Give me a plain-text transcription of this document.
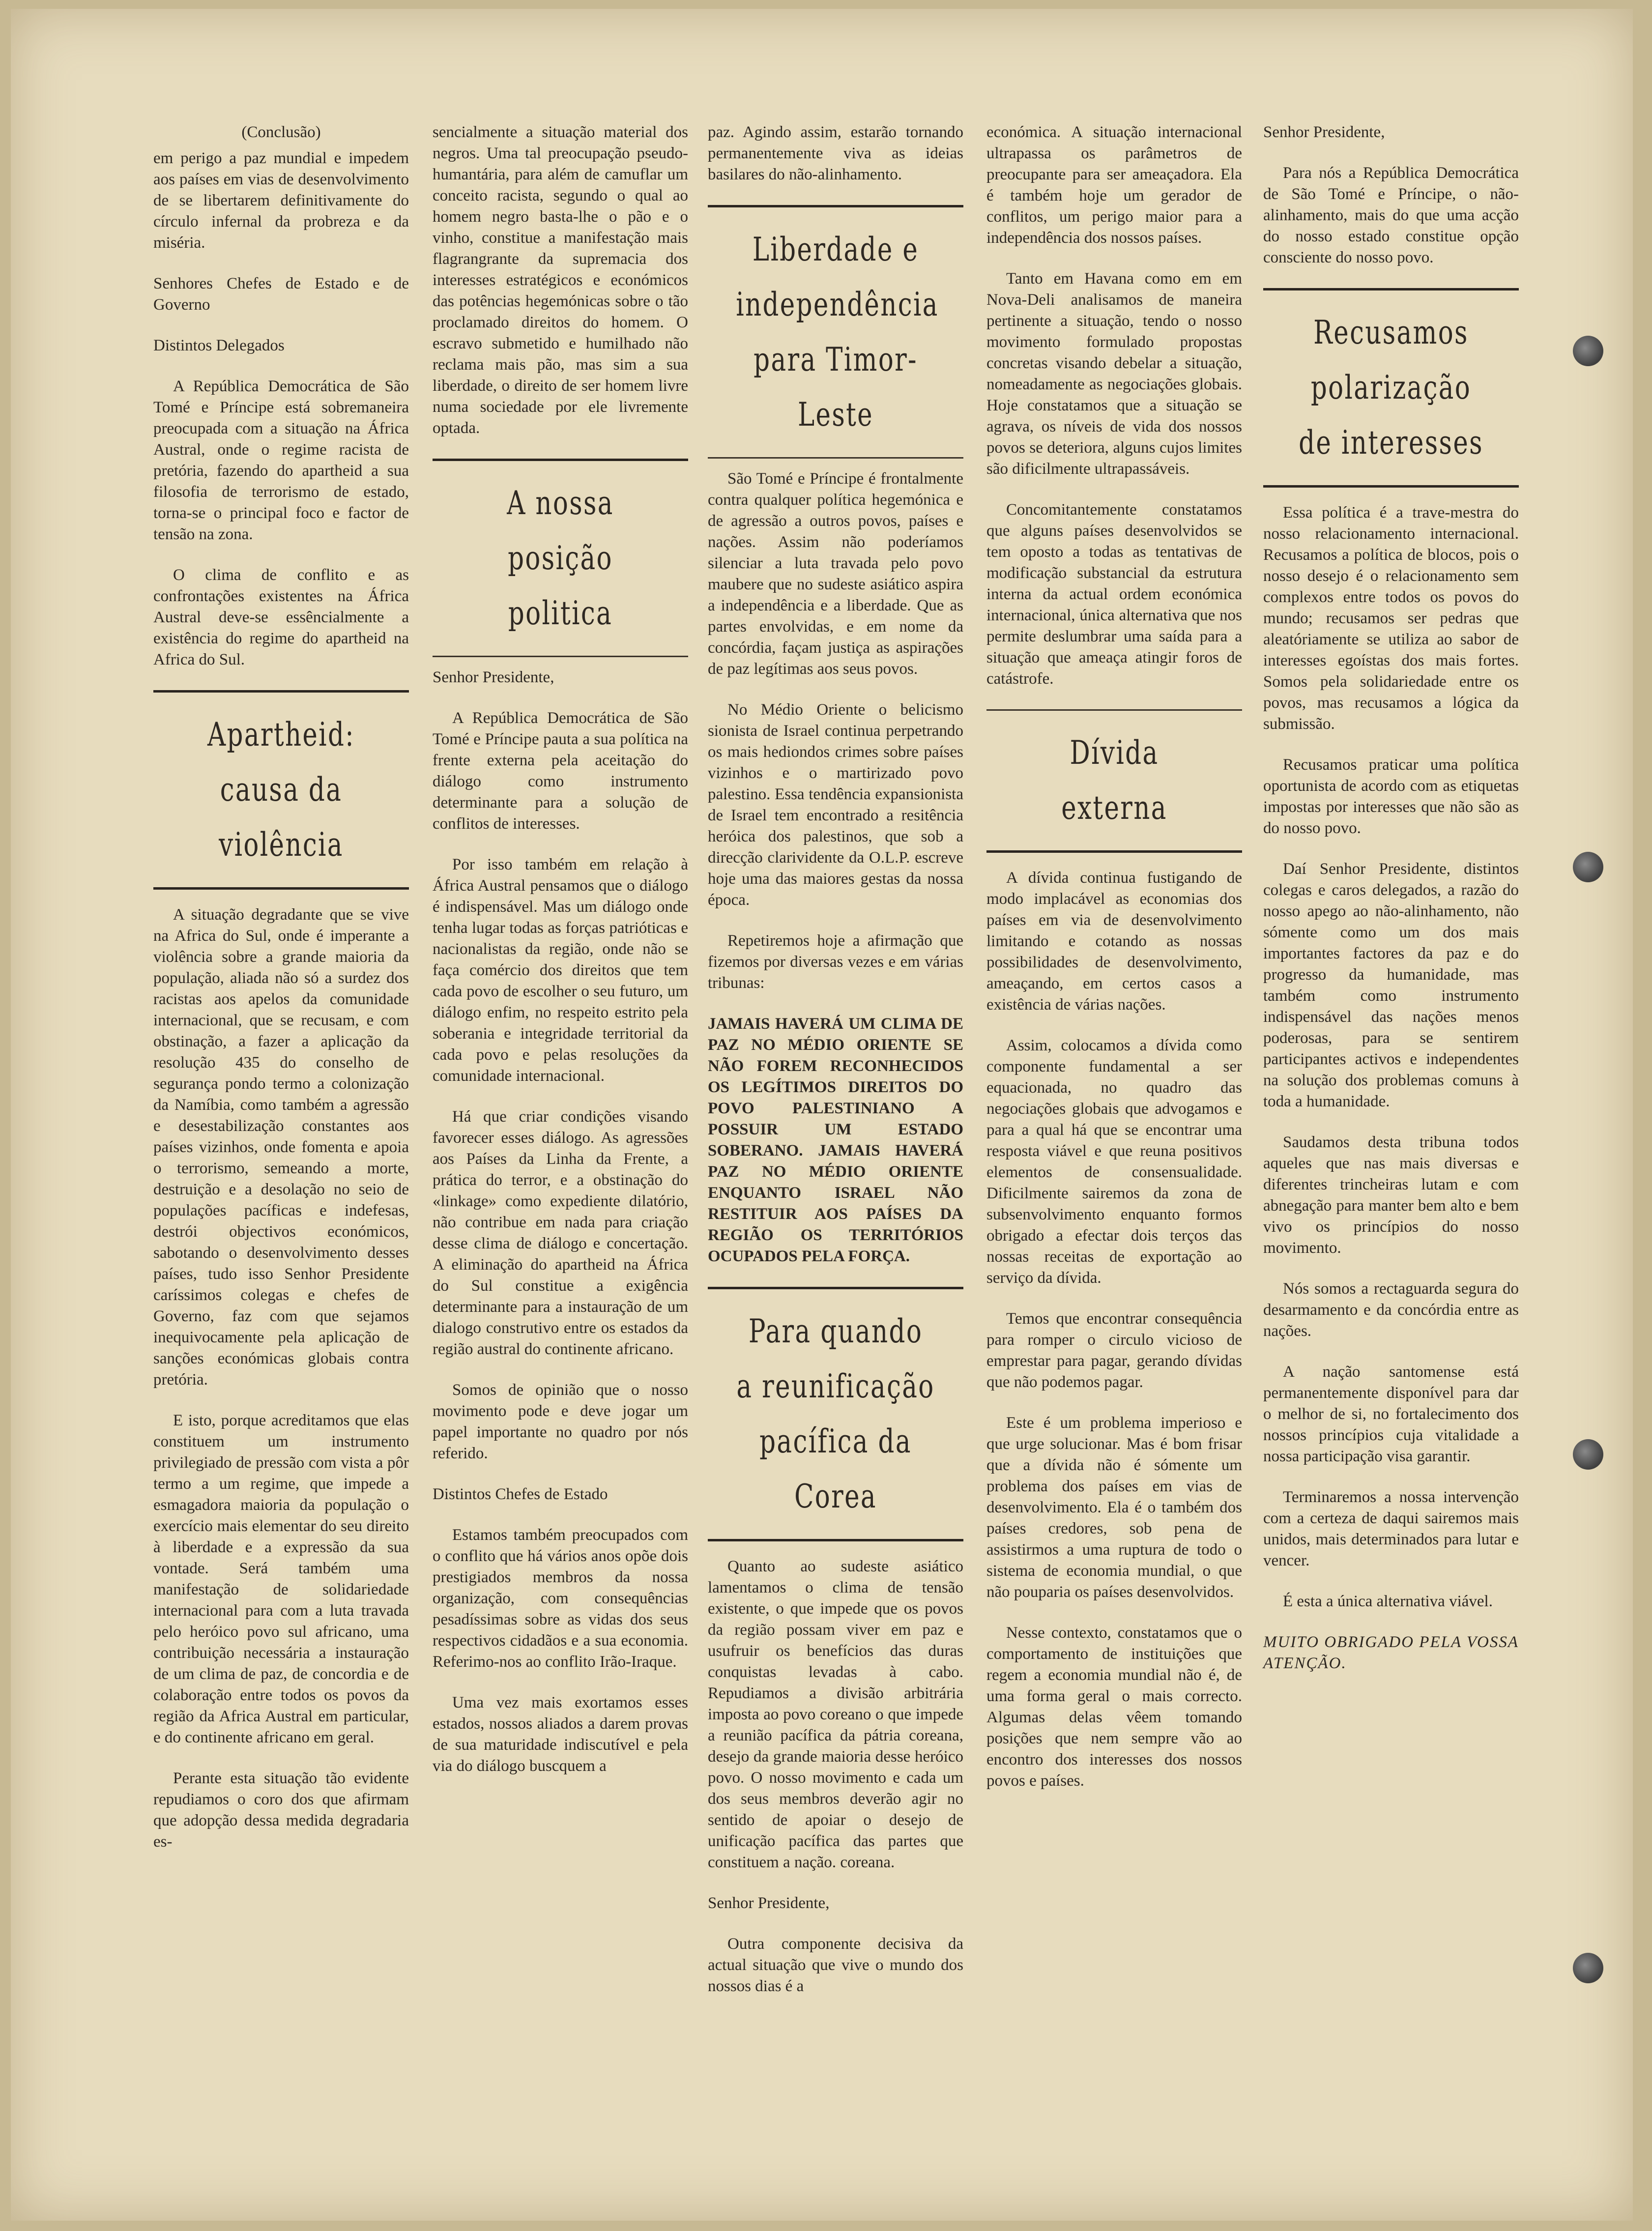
(Conclusão)

em perigo a paz mundial e impedem aos países em vias de desenvolvimento de se libertarem definitivamente do círculo infernal da probreza e da miséria.

Senhores Chefes de Estado e de Governo

Distintos Delegados

A República Democrática de São Tomé e Príncipe está sobremaneira preocupada com a situação na África Austral, onde o regime racista de pretória, fazendo do apartheid a sua filosofia de terrorismo de estado, torna-se o principal foco e factor de tensão na zona.

O clima de conflito e as confrontações existentes na África Austral deve-se essêncialmente a existência do regime do apartheid na Africa do Sul.

Apartheid: causa da violência

A situação degradante que se vive na Africa do Sul, onde é imperante a violência sobre a grande maioria da população, aliada não só a surdez dos racistas aos apelos da comunidade internacional, que se recusam, e com obstinação, a fazer a aplicação da resolução 435 do conselho de segurança pondo termo a colonização da Namíbia, como também a agressão e desestabilização constantes aos países vizinhos, onde fomenta e apoia o terrorismo, semeando a morte, destruição e a desolação no seio de populações pacíficas e indefesas, destrói objectivos económicos, sabotando o desenvolvimento desses países, tudo isso Senhor Presidente caríssimos colegas e chefes de Governo, faz com que sejamos inequivocamente pela aplicação de sanções económicas globais contra pretória.

E isto, porque acreditamos que elas constituem um instrumento privilegiado de pressão com vista a pôr termo a um regime, que impede a esmagadora maioria da população o exercício mais elementar do seu direito à liberdade e a expressão da sua vontade. Será também uma manifestação de solidariedade internacional para com a luta travada pelo heróico povo sul africano, uma contribuição necessária a instauração de um clima de paz, de concordia e de colaboração entre todos os povos da região da Africa Austral em particular, e do continente africano em geral.

Perante esta situação tão evidente repudiamos o coro dos que afirmam que adopção dessa medida degradaria es-

sencialmente a situação material dos negros. Uma tal preocupação pseudo-humantária, para além de camuflar um conceito racista, segundo o qual ao homem negro basta-lhe o pão e o vinho, constitue a manifestação mais flagrangrante da supremacia dos interesses estratégicos e económicos das potências hegemónicas sobre o tão proclamado direitos do homem. O escravo submetido e humilhado não reclama mais pão, mas sim a sua liberdade, o direito de ser homem livre numa sociedade por ele livremente optada.

A nossa posição politica

Senhor Presidente,

A República Democrática de São Tomé e Príncipe pauta a sua política na frente externa pela aceitação do diálogo como instrumento determinante para a solução de conflitos de interesses.

Por isso também em relação à África Austral pensamos que o diálogo é indispensável. Mas um diálogo onde tenha lugar todas as forças patrióticas e nacionalistas da região, onde não se faça comércio dos direitos que tem cada povo de escolher o seu futuro, um diálogo enfim, no respeito estrito pela soberania e integridade territorial da cada povo e pelas resoluções da comunidade internacional.

Há que criar condições visando favorecer esses diálogo. As agressões aos Países da Linha da Frente, a prática do terror, e a obstinação do «linkage» como expediente dilatório, não contribue em nada para criação desse clima de diálogo e concertação. A eliminação do apartheid na África do Sul constitue a exigência determinante para a instauração de um dialogo construtivo entre os estados da região austral do continente africano.

Somos de opinião que o nosso movimento pode e deve jogar um papel importante no quadro por nós referido.

Distintos Chefes de Estado

Estamos também preocupados com o conflito que há vários anos opõe dois prestigiados membros da nossa organização, com consequências pesadíssimas sobre as vidas dos seus respectivos cidadãos e a sua economia. Referimo-nos ao conflito Irão-Iraque.

Uma vez mais exortamos esses estados, nossos aliados a darem provas de sua maturidade indiscutível e pela via do diálogo buscquem a

paz. Agindo assim, estarão tornando permanentemente viva as ideias basilares do não-alinhamento.

Liberdade e independência para Timor-Leste

São Tomé e Príncipe é frontalmente contra qualquer política hegemónica e de agressão a outros povos, países e nações. Assim não poderíamos silenciar a luta travada pelo povo maubere que no sudeste asiático aspira a independência e a liberdade. Que as partes envolvidas, e em nome da concórdia, façam justiça as aspirações de paz legítimas aos seus povos.

No Médio Oriente o belicismo sionista de Israel continua perpetrando os mais hediondos crimes sobre países vizinhos e o martirizado povo palestino. Essa tendência expansionista de Israel tem encontrado a resitência heróica dos palestinos, que sob a direcção clarividente da O.L.P. escreve hoje uma das maiores gestas da nossa época.

Repetiremos hoje a afirmação que fizemos por diversas vezes e em várias tribunas:

JAMAIS HAVERÁ UM CLIMA DE PAZ NO MÉDIO ORIENTE SE NÃO FOREM RECONHECIDOS OS LEGÍTIMOS DIREITOS DO POVO PALESTINIANO A POSSUIR UM ESTADO SOBERANO. JAMAIS HAVERÁ PAZ NO MÉDIO ORIENTE ENQUANTO ISRAEL NÃO RESTITUIR AOS PAÍSES DA REGIÃO OS TERRITÓRIOS OCUPADOS PELA FORÇA.

Para quando a reunificação pacífica da Corea

Quanto ao sudeste asiático lamentamos o clima de tensão existente, o que impede que os povos da região possam viver em paz e usufruir os benefícios das duras conquistas levadas à cabo. Repudiamos a divisão arbitrária imposta ao povo coreano o que impede a reunião pacífica da pátria coreana, desejo da grande maioria desse heróico povo. O nosso movimento e cada um dos seus membros deverão agir no sentido de apoiar o desejo de unificação pacífica das partes que constituem a nação. coreana.

Senhor Presidente,

Outra componente decisiva da actual situação que vive o mundo dos nossos dias é a

económica. A situação internacional ultrapassa os parâmetros de preocupante para ser ameaçadora. Ela é também hoje um gerador de conflitos, um perigo maior para a independência dos nossos países.

Tanto em Havana como em em Nova-Deli analisamos de maneira pertinente a situação, tendo o nosso movimento formulado propostas concretas visando debelar a situação, nomeadamente as negociações globais. Hoje constatamos que a situação se agrava, os níveis de vida dos nossos povos se deteriora, alguns cujos limites são dificilmente ultrapassáveis.

Concomitantemente constatamos que alguns países desenvolvidos se tem oposto a todas as tentativas de modificação substancial da estrutura interna da actual ordem económica internacional, única alternativa que nos permite deslumbrar uma saída para a situação que ameaça atingir foros de catástrofe.

Dívida externa

A dívida continua fustigando de modo implacável as economias dos países em via de desenvolvimento limitando e cotando as nossas possibilidades de desenvolvimento, ameaçando, em certos casos a existência de várias nações.

Assim, colocamos a dívida como componente fundamental a ser equacionada, no quadro das negociações globais que advogamos e para a qual há que se encontrar uma resposta viável e que reuna positivos elementos de consensualidade. Dificilmente sairemos da zona de subsenvolvimento enquanto formos obrigado a efectar dois terços das nossas receitas de exportação ao serviço da dívida.

Temos que encontrar consequência para romper o circulo vicioso de emprestar para pagar, gerando dívidas que não podemos pagar.

Este é um problema imperioso e que urge solucionar. Mas é bom frisar que a dívida não é sómente um problema dos países em vias de desenvolvimento. Ela é o também dos países credores, sob pena de assistirmos a uma ruptura de todo o sistema de economia mundial, o que não pouparia os países desenvolvidos.

Nesse contexto, constatamos que o comportamento de instituições que regem a economia mundial não é, de uma forma geral o mais correcto. Algumas delas vêem tomando posições que nem sempre vão ao encontro dos interesses dos nossos povos e países.

Senhor Presidente,

Para nós a República Democrática de São Tomé e Príncipe, o não-alinhamento, mais do que uma acção do nosso estado constitue opção consciente do nosso povo.

Recusamos polarização de interesses

Essa política é a trave-mestra do nosso relacionamento internacional. Recusamos a política de blocos, pois o nosso desejo é o relacionamento sem complexos entre todos os povos do mundo; recusamos ser pedras que aleatóriamente se utiliza ao sabor de interesses egoístas dos mais fortes. Somos pela solidariedade entre os povos, mas recusamos a lógica da submissão.

Recusamos praticar uma política oportunista de acordo com as etiquetas impostas por interesses que não são as do nosso povo.

Daí Senhor Presidente, distintos colegas e caros delegados, a razão do nosso apego ao não-alinhamento, não sómente como um dos mais importantes factores da paz e do progresso da humanidade, mas também como instrumento indispensável das nações menos poderosas, para se sentirem participantes activos e independentes na solução dos problemas comuns à toda a humanidade.

Saudamos desta tribuna todos aqueles que nas mais diversas e diferentes trincheiras lutam e com abnegação para manter bem alto e bem vivo os princípios do nosso movimento.

Nós somos a rectaguarda segura do desarmamento e da concórdia entre as nações.

A nação santomense está permanentemente disponível para dar o melhor de si, no fortalecimento dos nossos princípios cuja vitalidade a nossa participação visa garantir.

Terminaremos a nossa intervenção com a certeza de daqui sairemos mais unidos, mais determinados para lutar e vencer.

É esta a única alternativa viável.

MUITO OBRIGADO PELA VOSSA ATENÇÃO.
